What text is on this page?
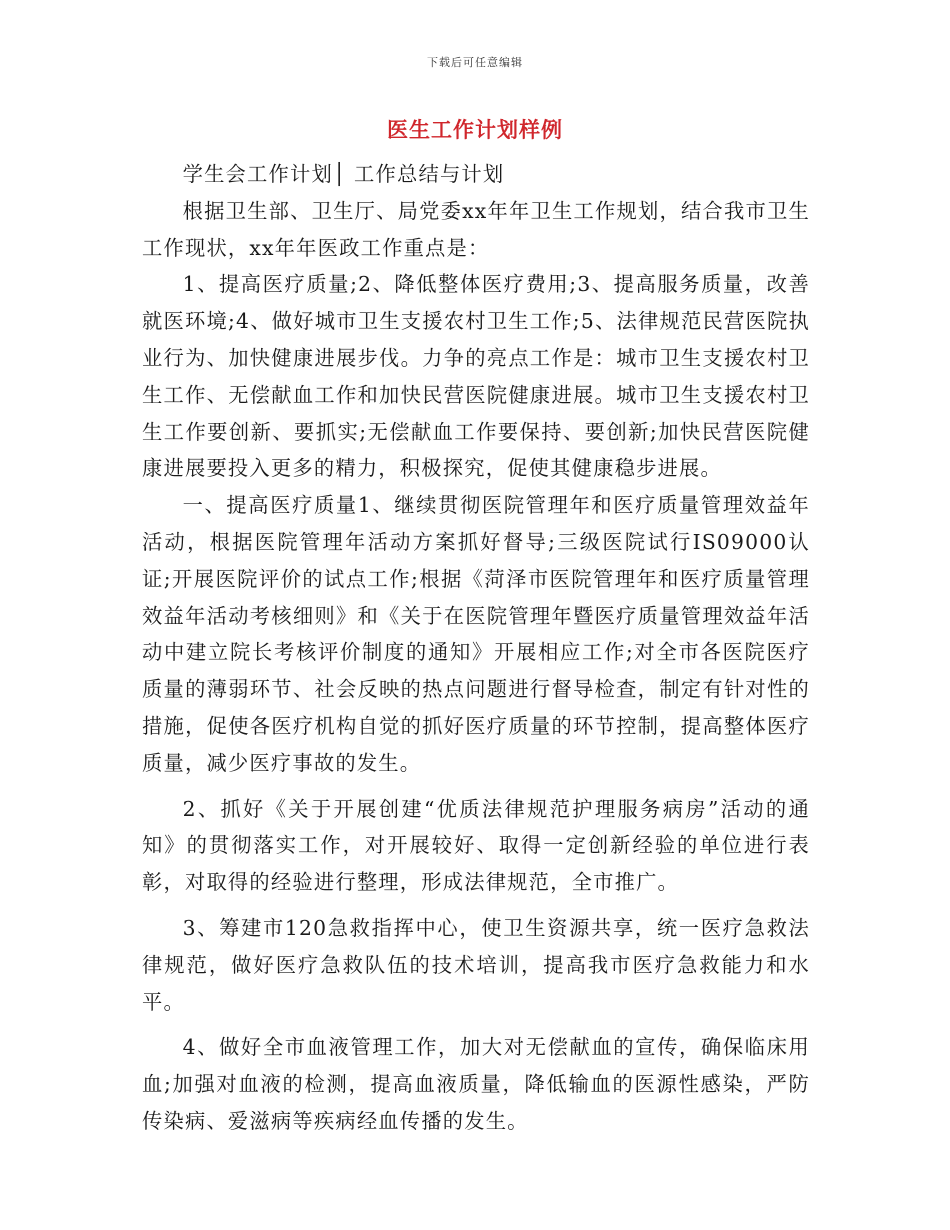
下载后可任意编辑
医生工作计划样例

学生会工作计划│ 工作总结与计划

根据卫生部、卫生厅、局党委xx年年卫生工作规划，结合我市卫生工作现状，xx年年医政工作重点是：

1、提高医疗质量;2、降低整体医疗费用;3、提高服务质量，改善就医环境;4、做好城市卫生支援农村卫生工作;5、法律规范民营医院执业行为、加快健康进展步伐。力争的亮点工作是：城市卫生支援农村卫生工作、无偿献血工作和加快民营医院健康进展。城市卫生支援农村卫生工作要创新、要抓实;无偿献血工作要保持、要创新;加快民营医院健康进展要投入更多的精力，积极探究，促使其健康稳步进展。

一、提高医疗质量1、继续贯彻医院管理年和医疗质量管理效益年活动，根据医院管理年活动方案抓好督导;三级医院试行IS09000认证;开展医院评价的试点工作;根据《菏泽市医院管理年和医疗质量管理效益年活动考核细则》和《关于在医院管理年暨医疗质量管理效益年活动中建立院长考核评价制度的通知》开展相应工作;对全市各医院医疗质量的薄弱环节、社会反映的热点问题进行督导检查，制定有针对性的措施，促使各医疗机构自觉的抓好医疗质量的环节控制，提高整体医疗质量，减少医疗事故的发生。

2、抓好《关于开展创建“优质法律规范护理服务病房”活动的通知》的贯彻落实工作，对开展较好、取得一定创新经验的单位进行表彰，对取得的经验进行整理，形成法律规范，全市推广。

3、筹建市120急救指挥中心，使卫生资源共享，统一医疗急救法律规范，做好医疗急救队伍的技术培训，提高我市医疗急救能力和水平。

4、做好全市血液管理工作，加大对无偿献血的宣传，确保临床用血;加强对血液的检测，提高血液质量，降低输血的医源性感染，严防传染病、爱滋病等疾病经血传播的发生。
